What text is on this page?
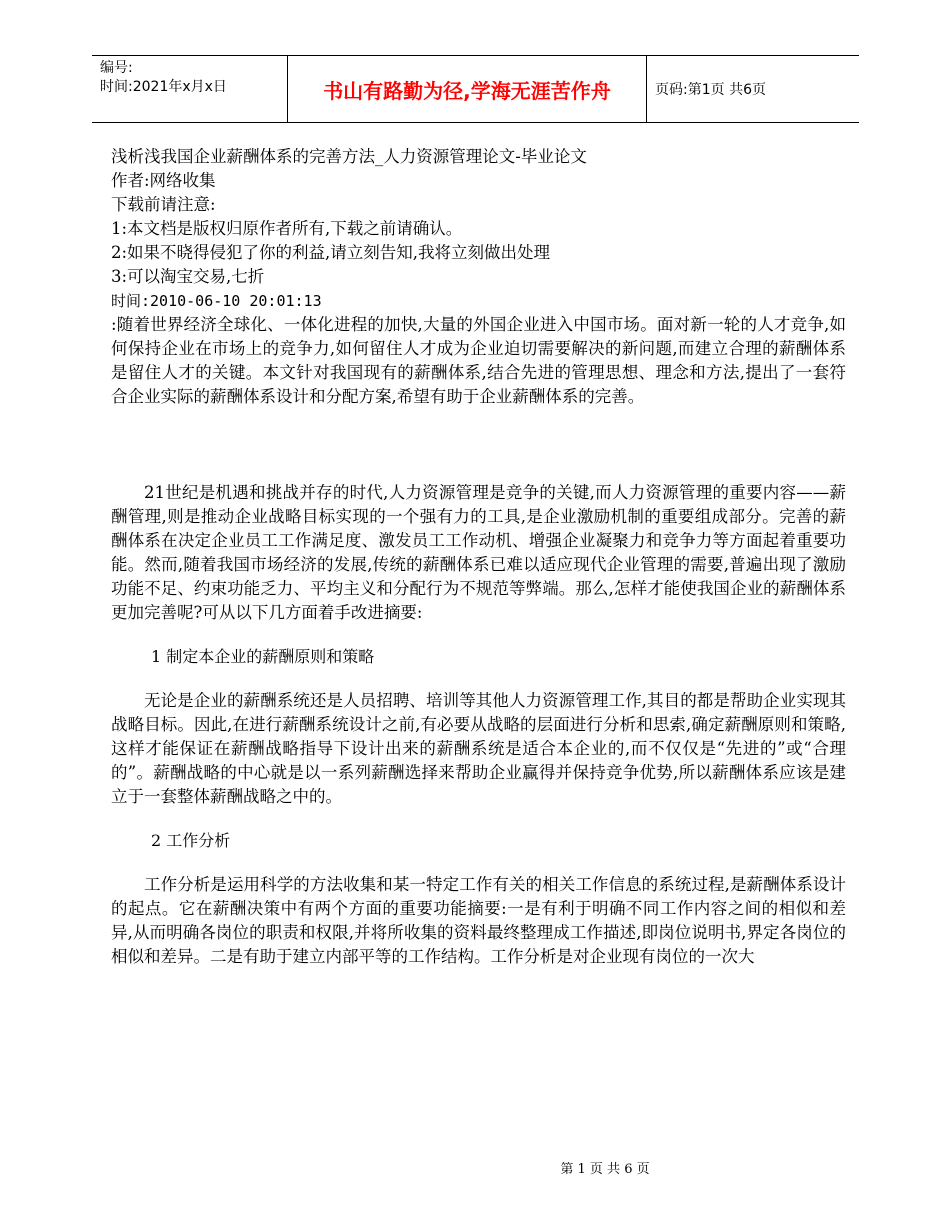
编号:
时间:2021年x月x日	书山有路勤为径,学海无涯苦作舟	页码:第1页 共6页

浅析浅我国企业薪酬体系的完善方法_人力资源管理论文-毕业论文

作者:网络收集

下载前请注意:

1:本文档是版权归原作者所有,下载之前请确认。

2:如果不晓得侵犯了你的利益,请立刻告知,我将立刻做出处理

3:可以淘宝交易,七折

时间:2010-06-10 20:01:13

:随着世界经济全球化、一体化进程的加快,大量的外国企业进入中国市场。面对新一轮的人才竞争,如何保持企业在市场上的竞争力,如何留住人才成为企业迫切需要解决的新问题,而建立合理的薪酬体系是留住人才的关键。本文针对我国现有的薪酬体系,结合先进的管理思想、理念和方法,提出了一套符合企业实际的薪酬体系设计和分配方案,希望有助于企业薪酬体系的完善。

21世纪是机遇和挑战并存的时代,人力资源管理是竞争的关键,而人力资源管理的重要内容——薪酬管理,则是推动企业战略目标实现的一个强有力的工具,是企业激励机制的重要组成部分。完善的薪酬体系在决定企业员工工作满足度、激发员工工作动机、增强企业凝聚力和竞争力等方面起着重要功能。然而,随着我国市场经济的发展,传统的薪酬体系已难以适应现代企业管理的需要,普遍出现了激励功能不足、约束功能乏力、平均主义和分配行为不规范等弊端。那么,怎样才能使我国企业的薪酬体系更加完善呢?可从以下几方面着手改进摘要:

1 制定本企业的薪酬原则和策略

无论是企业的薪酬系统还是人员招聘、培训等其他人力资源管理工作,其目的都是帮助企业实现其战略目标。因此,在进行薪酬系统设计之前,有必要从战略的层面进行分析和思索,确定薪酬原则和策略,这样才能保证在薪酬战略指导下设计出来的薪酬系统是适合本企业的,而不仅仅是“先进的”或“合理的”。薪酬战略的中心就是以一系列薪酬选择来帮助企业赢得并保持竞争优势,所以薪酬体系应该是建立于一套整体薪酬战略之中的。

2 工作分析

工作分析是运用科学的方法收集和某一特定工作有关的相关工作信息的系统过程,是薪酬体系设计的起点。它在薪酬决策中有两个方面的重要功能摘要:一是有利于明确不同工作内容之间的相似和差异,从而明确各岗位的职责和权限,并将所收集的资料最终整理成工作描述,即岗位说明书,界定各岗位的相似和差异。二是有助于建立内部平等的工作结构。工作分析是对企业现有岗位的一次大

第 1 页 共 6 页
